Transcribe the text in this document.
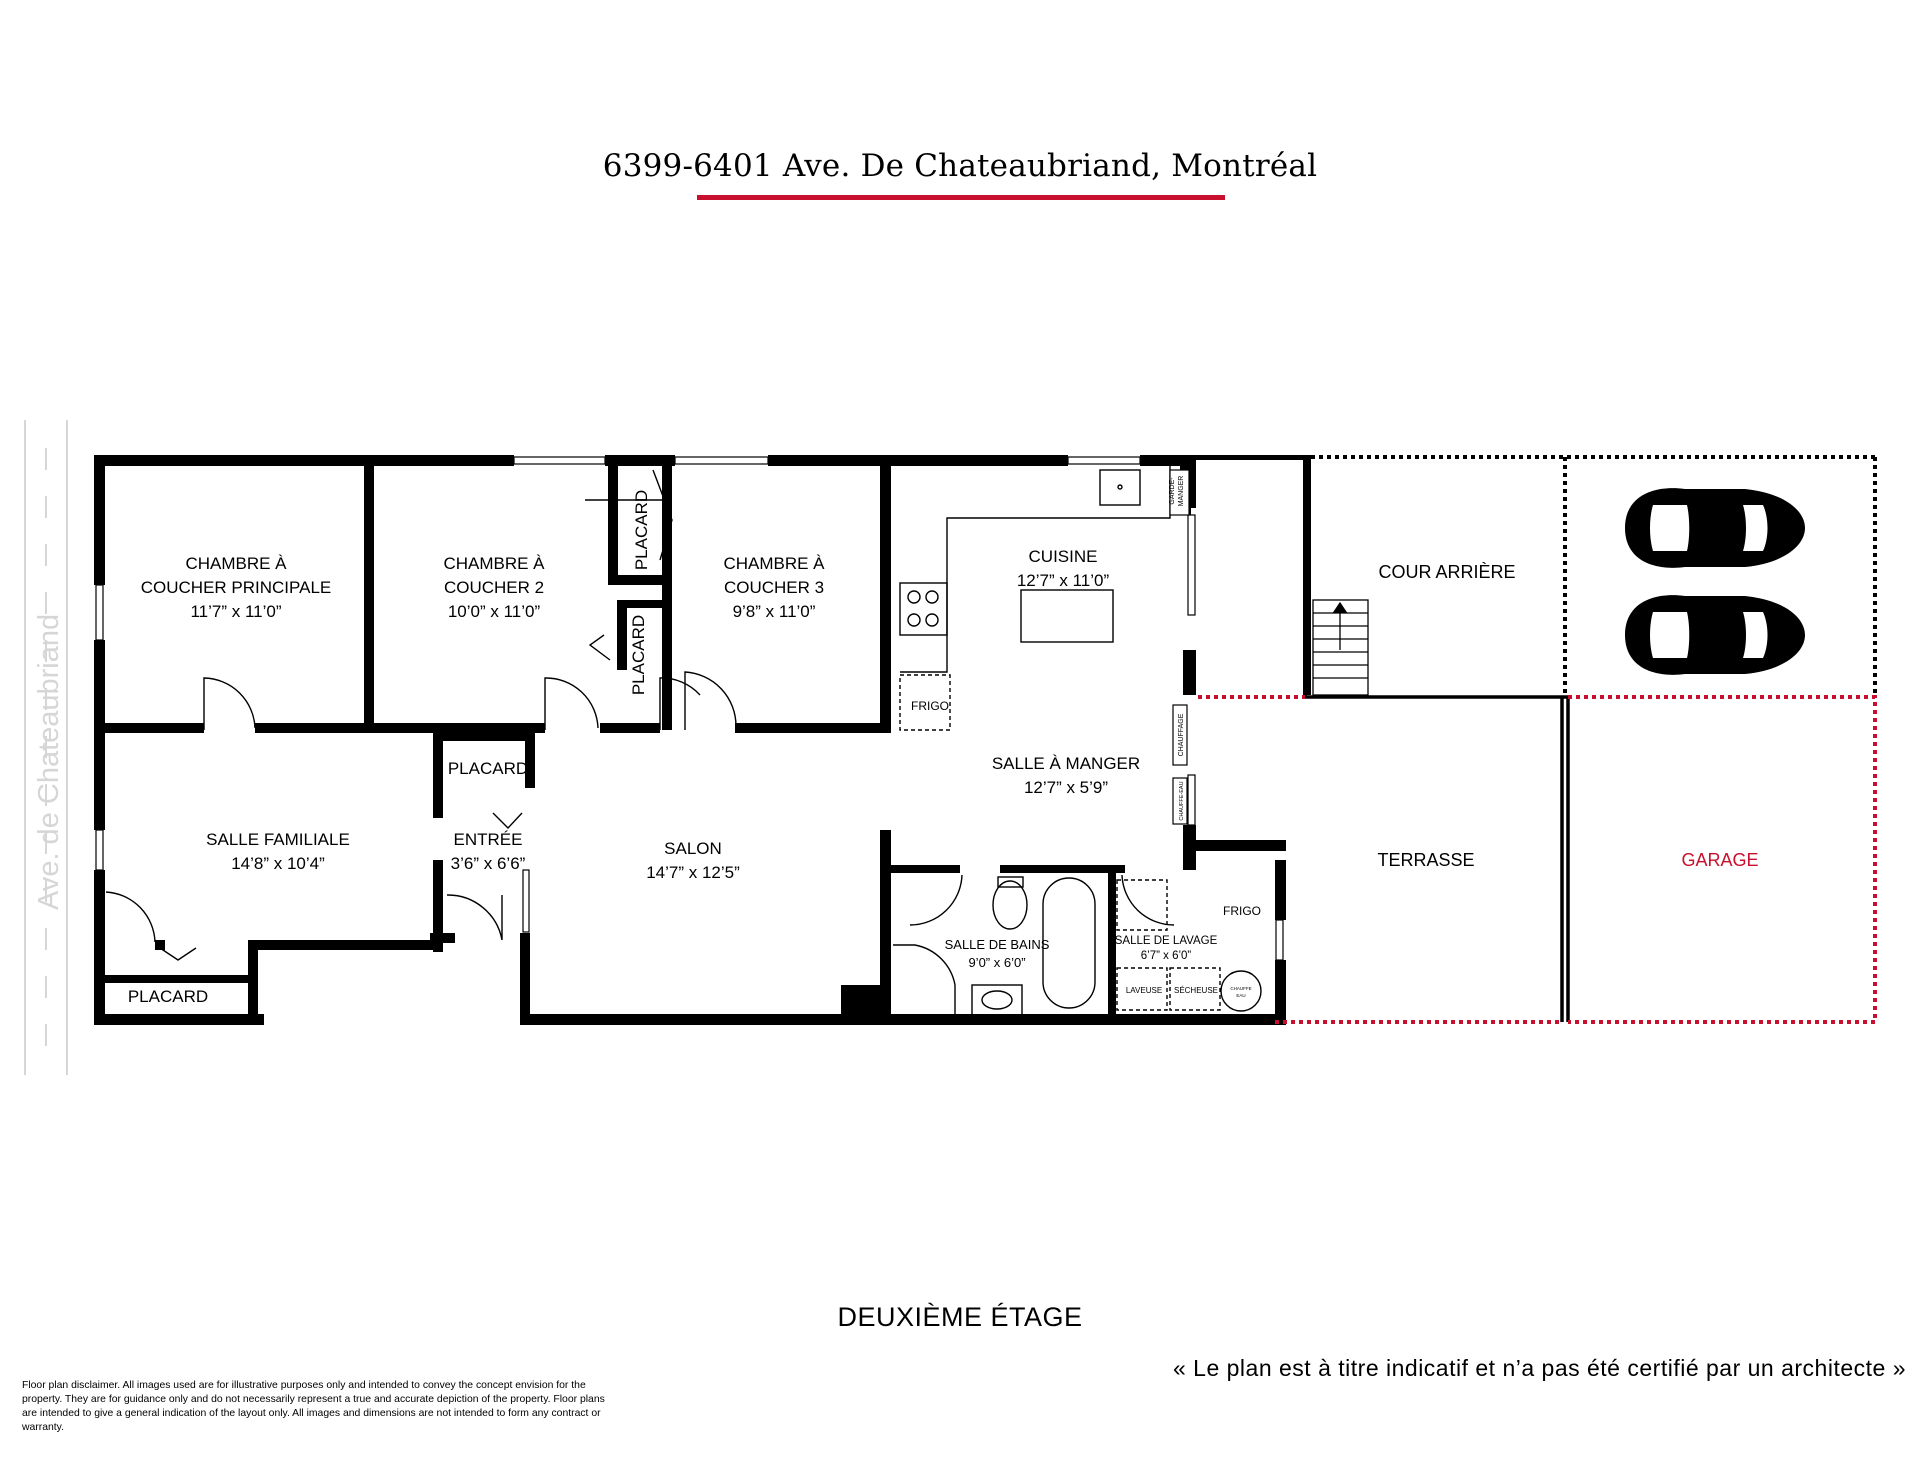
6399-6401 Ave. De Chateaubriand, Montréal
Ave. de Chateaubriand
CHAMBRE À
COUCHER PRINCIPALE
11’7” x 11’0”
CHAMBRE À
COUCHER 2
10’0” x 11’0”
CHAMBRE À
COUCHER 3
9’8” x 11’0”
CUISINE
12’7” x 11’0”
SALLE À MANGER
12’7” x 5’9”
SALLE FAMILIALE
14’8” x 10’4”
ENTRÉE
3’6” x 6’6”
SALON
14’7” x 12’5”
SALLE DE BAINS
9’0” x 6’0”
SALLE DE LAVAGE
6’7” x 6’0”
COUR ARRIÈRE
TERRASSE	GARAGE
PLACARD
PLACARD
PLACARD
PLACARD
FRIGO
FRIGO
LAVEUSE SÉCHEUSE	CHAUFFE
EAU
GARDE- MANGER
CHAUFFAGE
CHAUFFE-EAU
DEUXIÈME ÉTAGE
« Le plan est à titre indicatif et n’a pas été certifié par un architecte »
Floor plan disclaimer. All images used are for illustrative purposes only and intended to convey the concept envision for the property. They are for guidance only and do not necessarily represent a true and accurate depiction of the property. Floor plans are intended to give a general indication of the layout only. All images and dimensions are not intended to form any contract or warranty.
